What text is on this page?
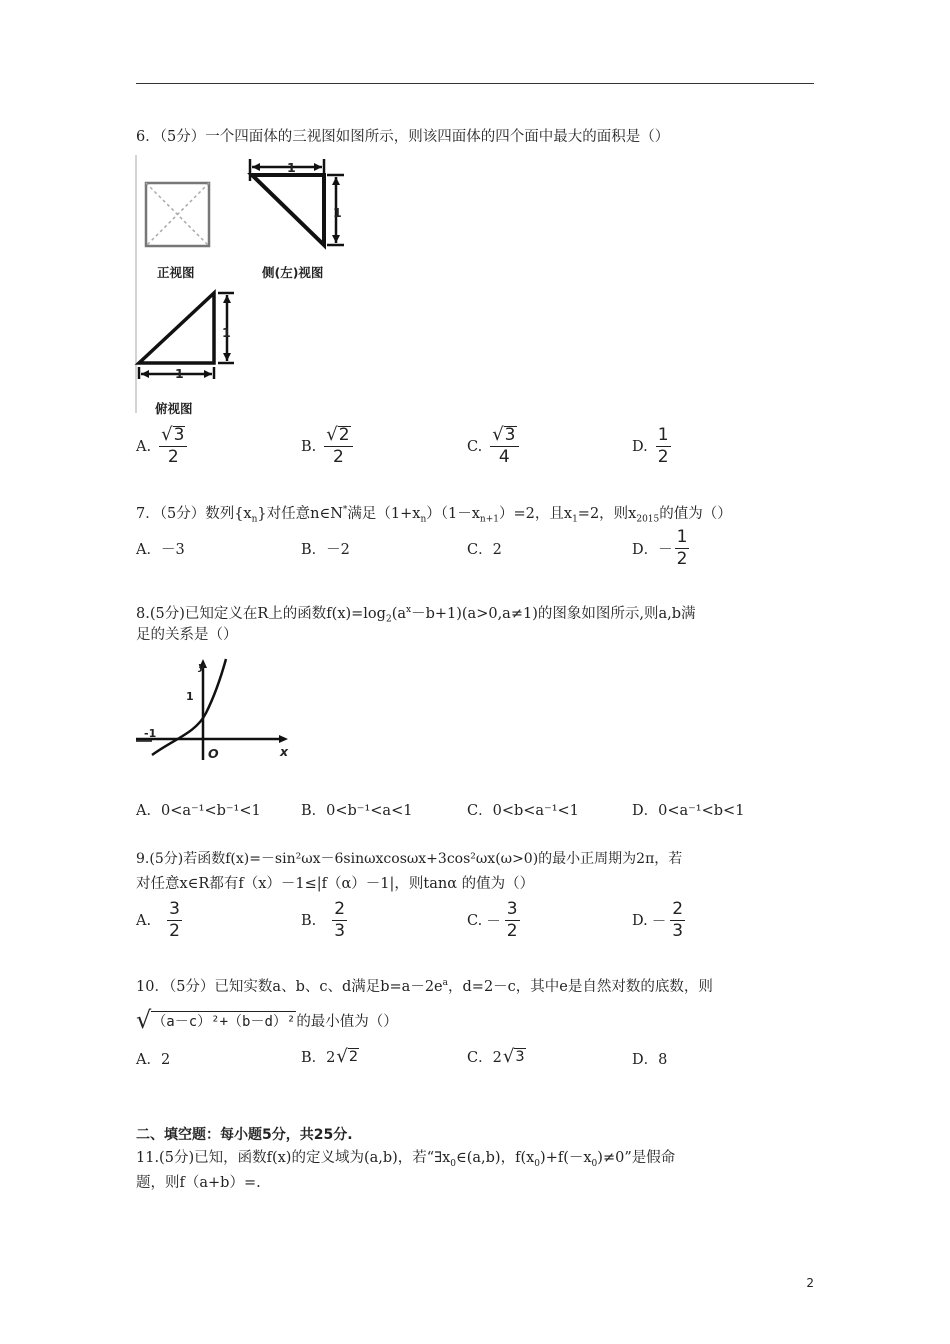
6．（5分）一个四面体的三视图如图所示，则该四面体的四个面中最大的面积是（）
1
1
1
1
正视图	侧(左)视图
俯视图
A. $\frac{√ 3}{2}$	B. $\frac{√ 2}{2}$	C. $\frac{√ 3}{4}$	D. $\frac{1}{2}$
7．（5分）数列$\{x_n\}$对任意n∈N*满足$(1+x_n)(1-x_{n+1})=2$，且$x_1=2$，则$x_{2015}$的值为（）
A．－3	B．－2	C．2	D．－ $\frac{1}{2}$
8.(5分)已知定义在R上的函数$f(x)=\log_2(a^x-b+1)(a>0,a\ne 1)$的图象如图所示,则a,b满
足的关系是（）
y
x
O
-1
1
A．0<a⁻¹<b⁻¹<1	B．0<b⁻¹<a<1	C．0<b<a⁻¹<1	D．0<a⁻¹<b<1
9.(5分)若函数f(x)=－sin²ωx－6sinωxcosωx+3cos²ωx(ω>0)的最小正周期为2π，若
对任意x∈R都有f（x）－1≤|f（α）－1|，则tanα 的值为（）
A. $\frac{3}{2}$	B. $\frac{2}{3}$	C. － $\frac{3}{2}$	D. － $\frac{2}{3}$
10．（5分）已知实数a、b、c、d满足$b=a-2e^a$，d=2－c，其中e是自然对数的底数，则
√ （a－c）²+（b－d）² 的最小值为（）
A．2	B．2 √ 2	C．2 √ 3	D．8
二、填空题：每小题5分，共25分.
11.(5分)已知，函数f(x)的定义域为(a,b)，若“$\exists x_0\in(a,b)$，$f(x_0)+f(-x_0)\ne 0$”是假命
题，则f（a+b）=.
2
